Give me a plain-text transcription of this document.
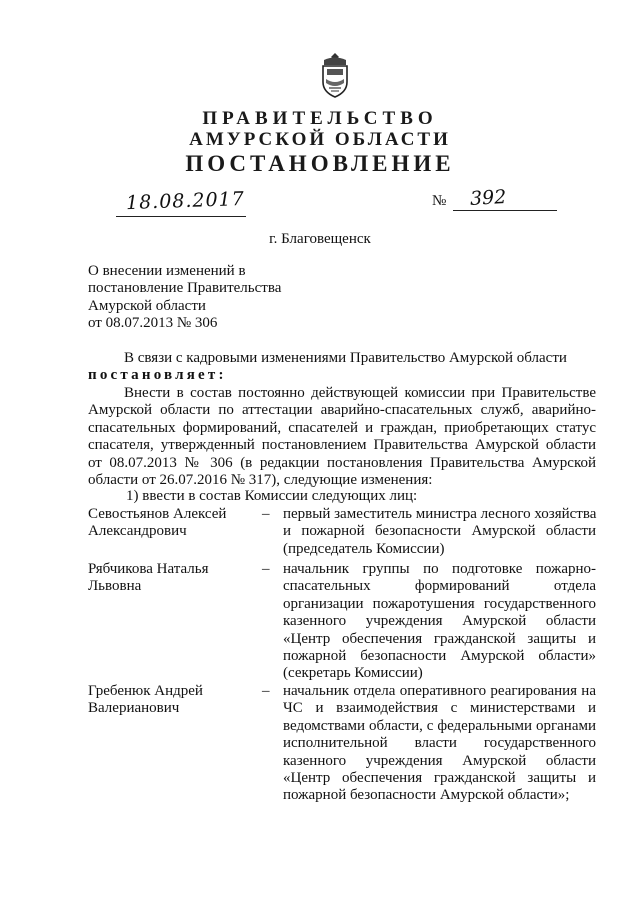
ПРАВИТЕЛЬСТВО
АМУРСКОЙ ОБЛАСТИ
ПОСТАНОВЛЕНИЕ
18.08.2017	№ 392
г. Благовещенск
О внесении изменений в
постановление Правительства
Амурской области
от 08.07.2013 № 306
В связи с кадровыми изменениями Правительство Амурской области
постановляет:
Внести в состав постоянно действующей комиссии при Правительстве Амурской области по аттестации аварийно-спасательных служб, аварийно-спасательных формирований, спасателей и граждан, приобретающих статус спасателя, утвержденный постановлением Правительства Амурской области от 08.07.2013 № 306 (в редакции постановления Правительства Амурской области от 26.07.2016 № 317), следующие изменения:
1) ввести в состав Комиссии следующих лиц:
Севостьянов Алексей
Александрович
– первый заместитель министра лесного хозяйства
и пожарной безопасности Амурской области
(председатель Комиссии)
Рябчикова Наталья
Львовна
– начальник группы по подготовке пожарно-
спасательных формирований отдела
организации пожаротушения государственного
казенного учреждения Амурской области
«Центр обеспечения гражданской защиты и
пожарной безопасности Амурской области»
(секретарь Комиссии)
Гребенюк Андрей
Валерианович
– начальник отдела оперативного реагирования на
ЧС и взаимодействия с министерствами и
ведомствами области, с федеральными органами
исполнительной власти государственного
казенного учреждения Амурской области
«Центр обеспечения гражданской защиты и
пожарной безопасности Амурской области»;
